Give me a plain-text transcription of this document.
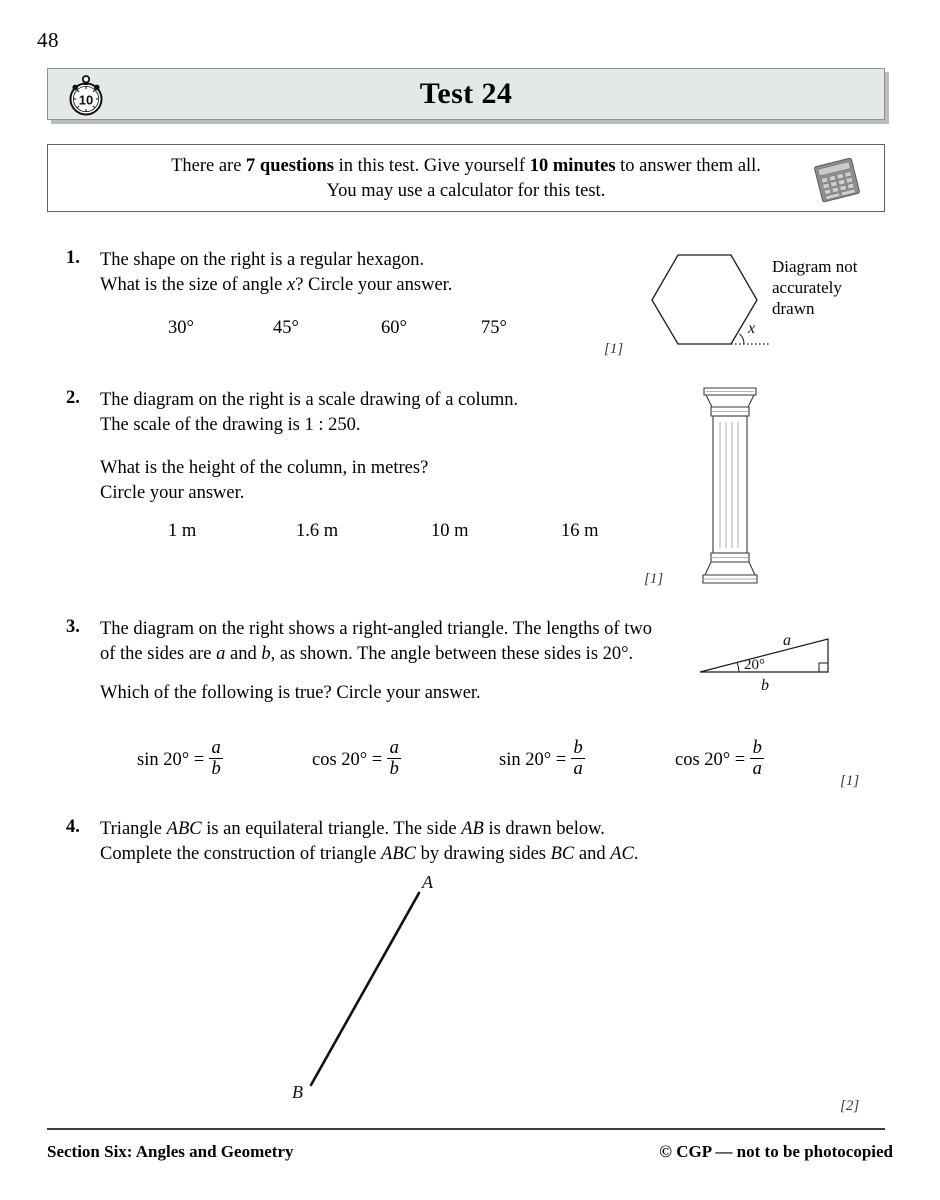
48
10	Test 24
There are 7 questions in this test. Give yourself 10 minutes to answer them all.
You may use a calculator for this test.
1. The shape on the right is a regular hexagon.
What is the size of angle x? Circle your answer.
30°	45°	60°	75°
[1]
x
Diagram not
accurately
drawn
2. The diagram on the right is a scale drawing of a column.
The scale of the drawing is 1 : 250.
What is the height of the column, in metres?
Circle your answer.
1 m	1.6 m	10 m	16 m
[1]
3. The diagram on the right shows a right-angled triangle. The lengths of two
of the sides are a and b, as shown. The angle between these sides is 20°.
Which of the following is true? Circle your answer.
$\sin 20^\circ = \frac{a}{b}$	$\cos 20^\circ = \frac{a}{b}$	$\sin 20^\circ = \frac{b}{a}$	$\cos 20^\circ = \frac{b}{a}$
[1]
20°
a
b
4. Triangle ABC is an equilateral triangle. The side AB is drawn below.
Complete the construction of triangle ABC by drawing sides BC and AC.
A
B
[2]
Section Six: Angles and Geometry	© CGP — not to be photocopied
